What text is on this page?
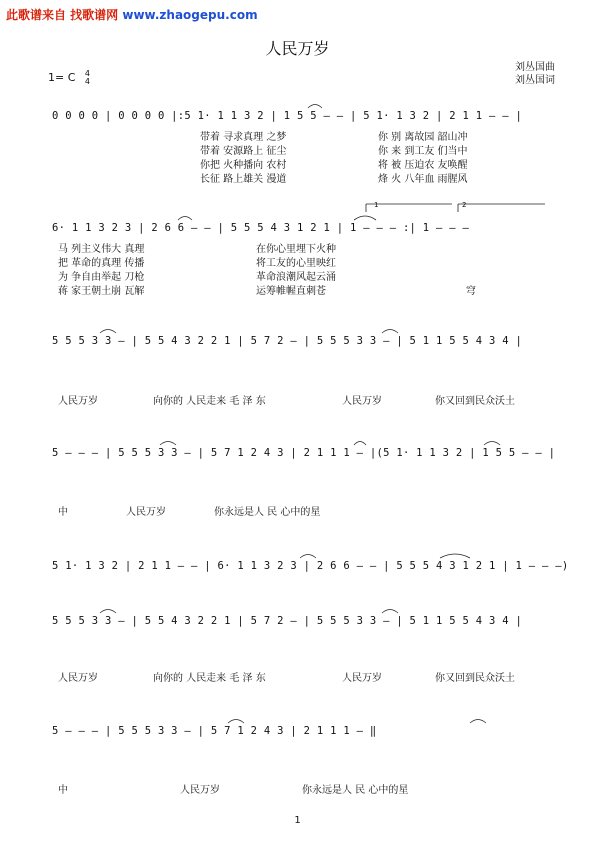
此歌谱来自 找歌谱网 www.zhaogepu.com
人民万岁
刘丛国曲
刘丛国词
1= C 4
4
0 0 0 0 | 0 0 0 0 |:5 1· 1 1 3 2 | 1 5 5 — — | 5 1· 1 3 2 | 2 1 1 — — |
带着 寻求真理 之梦	你 别 离故园 韶山冲
带着 安源路上 征尘	你 来 到工友 们当中
你把 火种播向 农村	将 被 压迫农 友唤醒
长征 路上雄关 漫道	烽 火 八年血 雨腥风
6· 1 1 3 2 3 | 2 6 6 — — | 5 5 5 4 3 1 2 1 | 1 — — — :| 1 — — —
1	2
马 列主义伟大 真理	在你心里埋下火种
把 革命的真理 传播	将工友的心里映红
为 争自由举起 刀枪	革命浪潮风起云涌
蒋 家王朝土崩 瓦解	运筹帷幄直刺苍	穹
5 5 5 3 3 — | 5 5 4 3 2 2 1 | 5 7 2 — | 5 5 5 3 3 — | 5 1 1 5 5 4 3 4 |
人民万岁	向你的 人民走来 毛 泽 东	人民万岁	你又回到民众沃土
5 — — — | 5 5 5 3 3 — | 5 7 1 2 4 3 | 2 1 1 1 — |(5 1· 1 1 3 2 | 1 5 5 — — |
中	人民万岁	你永远是人 民 心中的星
5 1· 1 3 2 | 2 1 1 — — | 6· 1 1 3 2 3 | 2 6 6 — — | 5 5 5 4 3 1 2 1 | 1 — — —)
5 5 5 3 3 — | 5 5 4 3 2 2 1 | 5 7 2 — | 5 5 5 3 3 — | 5 1 1 5 5 4 3 4 |
人民万岁	向你的 人民走来 毛 泽 东	人民万岁	你又回到民众沃土
5 — — — | 5 5 5 3 3 — | 5 7 1 2 4 3 | 2 1 1 1 — ‖
中	人民万岁	你永远是人 民 心中的星
1
